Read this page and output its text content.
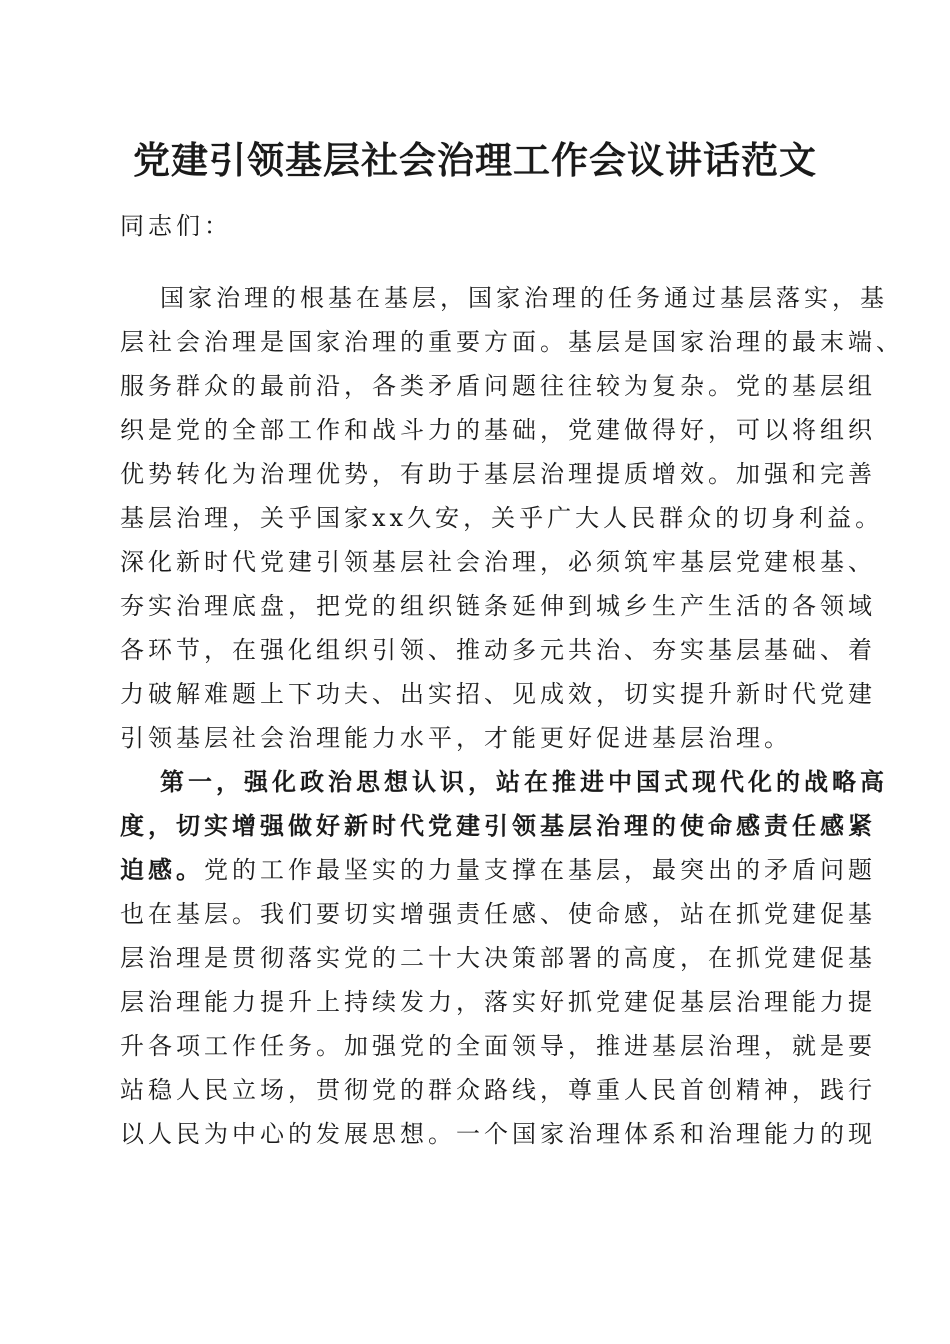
党建引领基层社会治理工作会议讲话范文
同志们：
国家治理的根基在基层，国家治理的任务通过基层落实，基
层社会治理是国家治理的重要方面。基层是国家治理的最末端、
服务群众的最前沿，各类矛盾问题往往较为复杂。党的基层组
织是党的全部工作和战斗力的基础，党建做得好，可以将组织
优势转化为治理优势，有助于基层治理提质增效。加强和完善
基层治理，关乎国家xx久安，关乎广大人民群众的切身利益。
深化新时代党建引领基层社会治理，必须筑牢基层党建根基、
夯实治理底盘，把党的组织链条延伸到城乡生产生活的各领域
各环节，在强化组织引领、推动多元共治、夯实基层基础、着
力破解难题上下功夫、出实招、见成效，切实提升新时代党建
引领基层社会治理能力水平，才能更好促进基层治理。
第一，强化政治思想认识，站在推进中国式现代化的战略高
度，切实增强做好新时代党建引领基层治理的使命感责任感紧
迫感。党的工作最坚实的力量支撑在基层，最突出的矛盾问题
也在基层。我们要切实增强责任感、使命感，站在抓党建促基
层治理是贯彻落实党的二十大决策部署的高度，在抓党建促基
层治理能力提升上持续发力，落实好抓党建促基层治理能力提
升各项工作任务。加强党的全面领导，推进基层治理，就是要
站稳人民立场，贯彻党的群众路线，尊重人民首创精神，践行
以人民为中心的发展思想。一个国家治理体系和治理能力的现
